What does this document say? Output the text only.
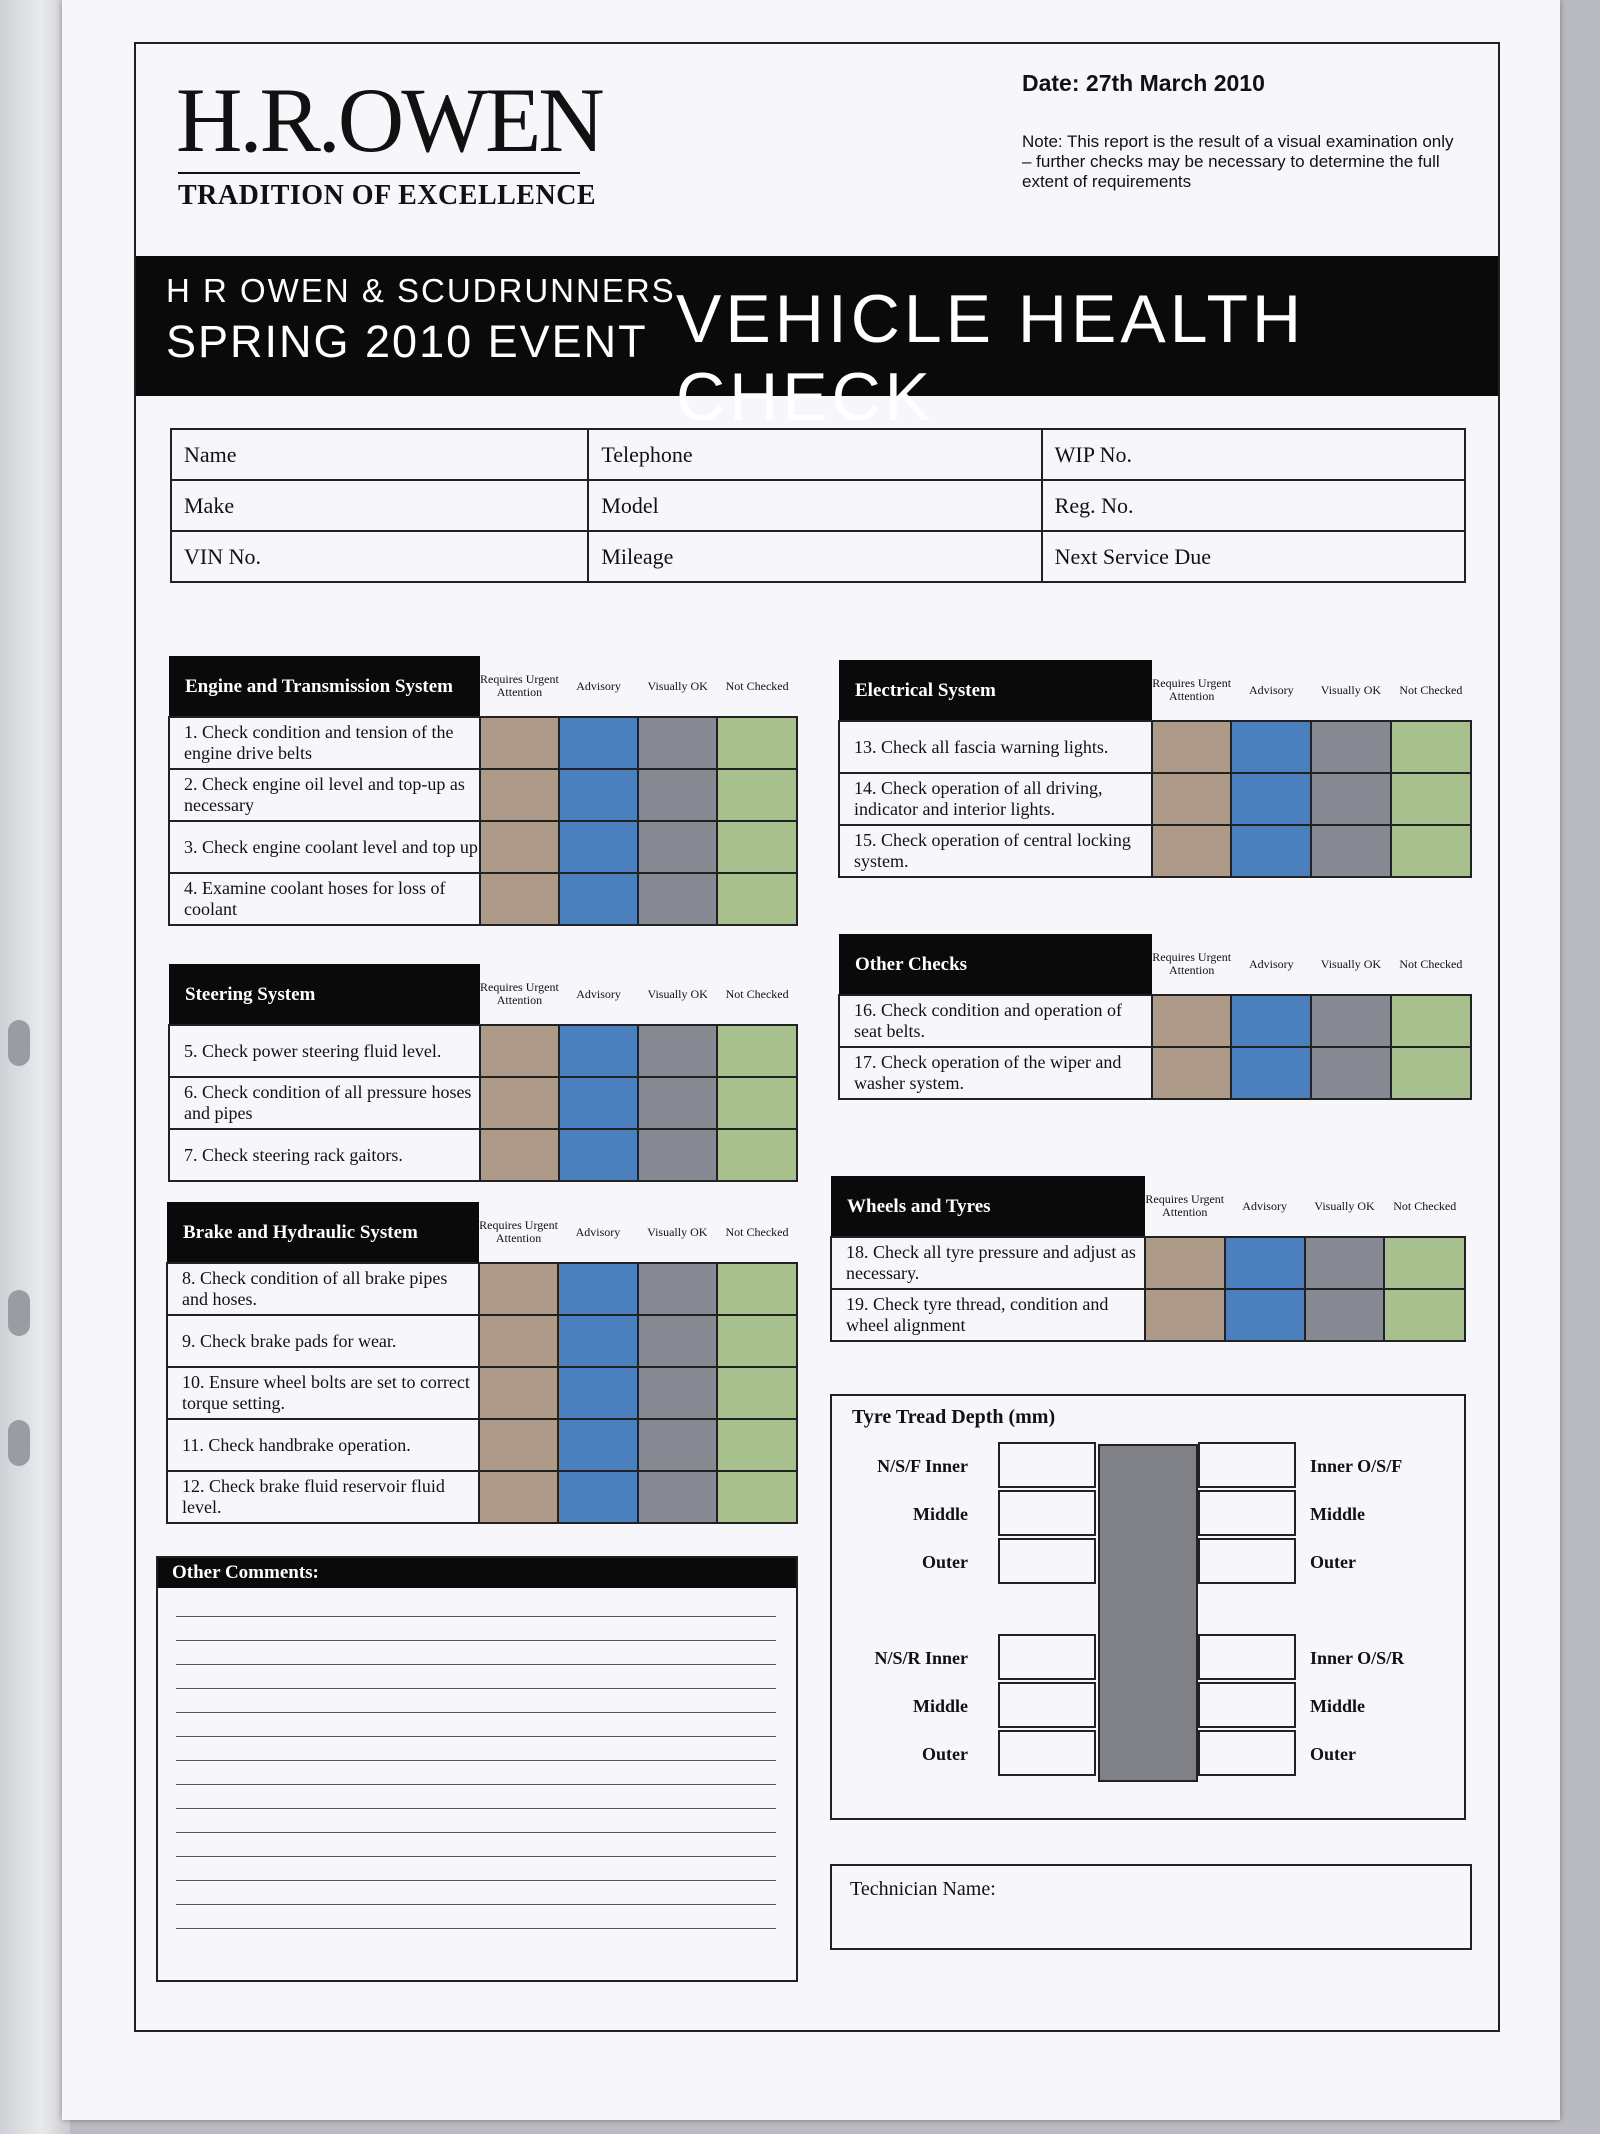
H.R.OWEN
TRADITION OF EXCELLENCE
Date: 27th March 2010
Note: This report is the result of a visual examination only – further checks may be necessary to determine the full extent of requirements
H R OWEN & SCUDRUNNERS
SPRING 2010 EVENT VEHICLE HEALTH CHECK
Name	Telephone	WIP No.
Make	Model	Reg. No.
VIN No.	Mileage	Next Service Due
Engine and Transmission System	Requires Urgent Attention	Advisory	Visually OK	Not Checked
1. Check condition and tension of the engine drive belts				
2. Check engine oil level and top-up as necessary				
3. Check engine coolant level and top up				
4. Examine coolant hoses for loss of coolant				
Steering System	Requires Urgent Attention	Advisory	Visually OK	Not Checked
5. Check power steering fluid level.				
6. Check condition of all pressure hoses and pipes				
7. Check steering rack gaitors.				
Brake and Hydraulic System	Requires Urgent Attention	Advisory	Visually OK	Not Checked
8. Check condition of all brake pipes and hoses.				
9. Check brake pads for wear.				
10. Ensure wheel bolts are set to correct torque setting.				
11. Check handbrake operation.				
12. Check brake fluid reservoir fluid level.				
Electrical System	Requires Urgent Attention	Advisory	Visually OK	Not Checked
13. Check all fascia warning lights.				
14. Check operation of all driving, indicator and interior lights.				
15. Check operation of central locking system.				
Other Checks	Requires Urgent Attention	Advisory	Visually OK	Not Checked
16. Check condition and operation of seat belts.				
17. Check operation of the wiper and washer system.				
Wheels and Tyres	Requires Urgent Attention	Advisory	Visually OK	Not Checked
18. Check all tyre pressure and adjust as necessary.				
19. Check tyre thread, condition and wheel alignment				
Other Comments:
Tyre Tread Depth (mm)
N/S/F Inner	Inner O/S/F
Middle	Middle
Outer	Outer
N/S/R Inner	Inner O/S/R
Middle	Middle
Outer	Outer
Technician Name:
